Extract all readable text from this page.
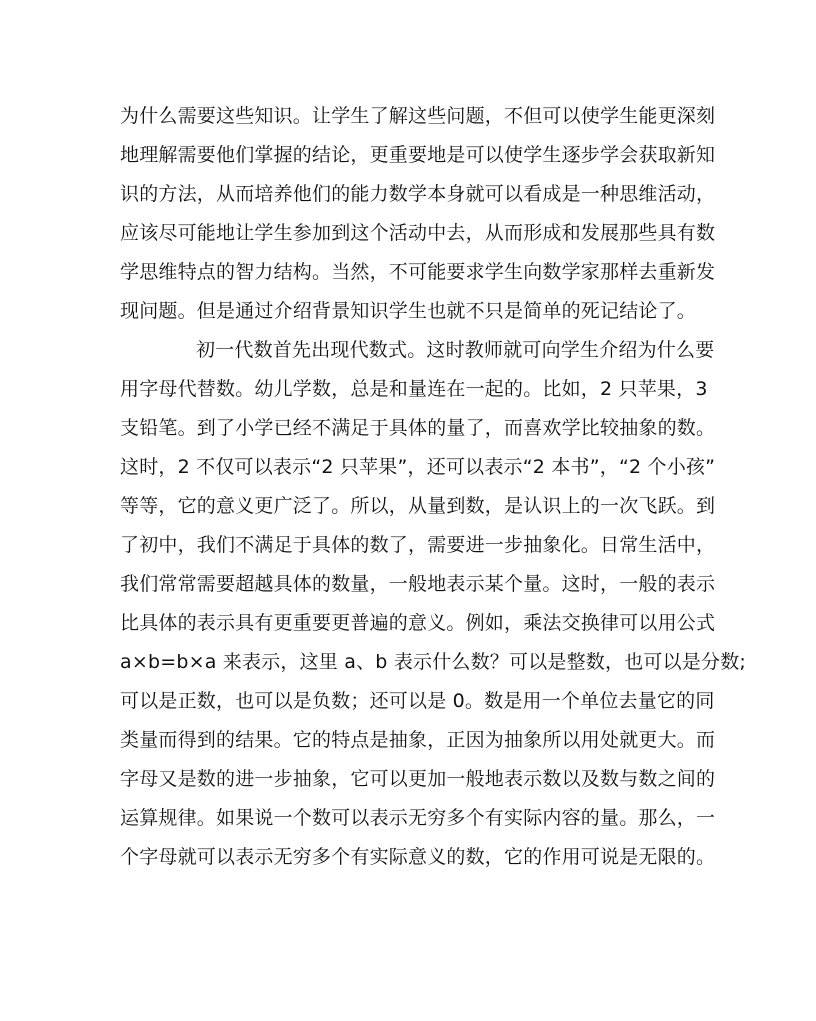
为什么需要这些知识。让学生了解这些问题，不但可以使学生能更深刻
地理解需要他们掌握的结论，更重要地是可以使学生逐步学会获取新知
识的方法，从而培养他们的能力数学本身就可以看成是一种思维活动，
应该尽可能地让学生参加到这个活动中去，从而形成和发展那些具有数
学思维特点的智力结构。当然，不可能要求学生向数学家那样去重新发
现问题。但是通过介绍背景知识学生也就不只是简单的死记结论了。
初一代数首先出现代数式。这时教师就可向学生介绍为什么要
用字母代替数。幼儿学数，总是和量连在一起的。比如，2 只苹果，3
支铅笔。到了小学已经不满足于具体的量了，而喜欢学比较抽象的数。
这时，2 不仅可以表示“2 只苹果”，还可以表示“2 本书”，“2 个小孩”
等等，它的意义更广泛了。所以，从量到数，是认识上的一次飞跃。到
了初中，我们不满足于具体的数了，需要进一步抽象化。日常生活中，
我们常常需要超越具体的数量，一般地表示某个量。这时，一般的表示
比具体的表示具有更重要更普遍的意义。例如，乘法交换律可以用公式
a×b=b×a 来表示，这里 a、b 表示什么数？可以是整数，也可以是分数;
可以是正数，也可以是负数；还可以是 0。数是用一个单位去量它的同
类量而得到的结果。它的特点是抽象，正因为抽象所以用处就更大。而
字母又是数的进一步抽象，它可以更加一般地表示数以及数与数之间的
运算规律。如果说一个数可以表示无穷多个有实际内容的量。那么，一
个字母就可以表示无穷多个有实际意义的数，它的作用可说是无限的。
